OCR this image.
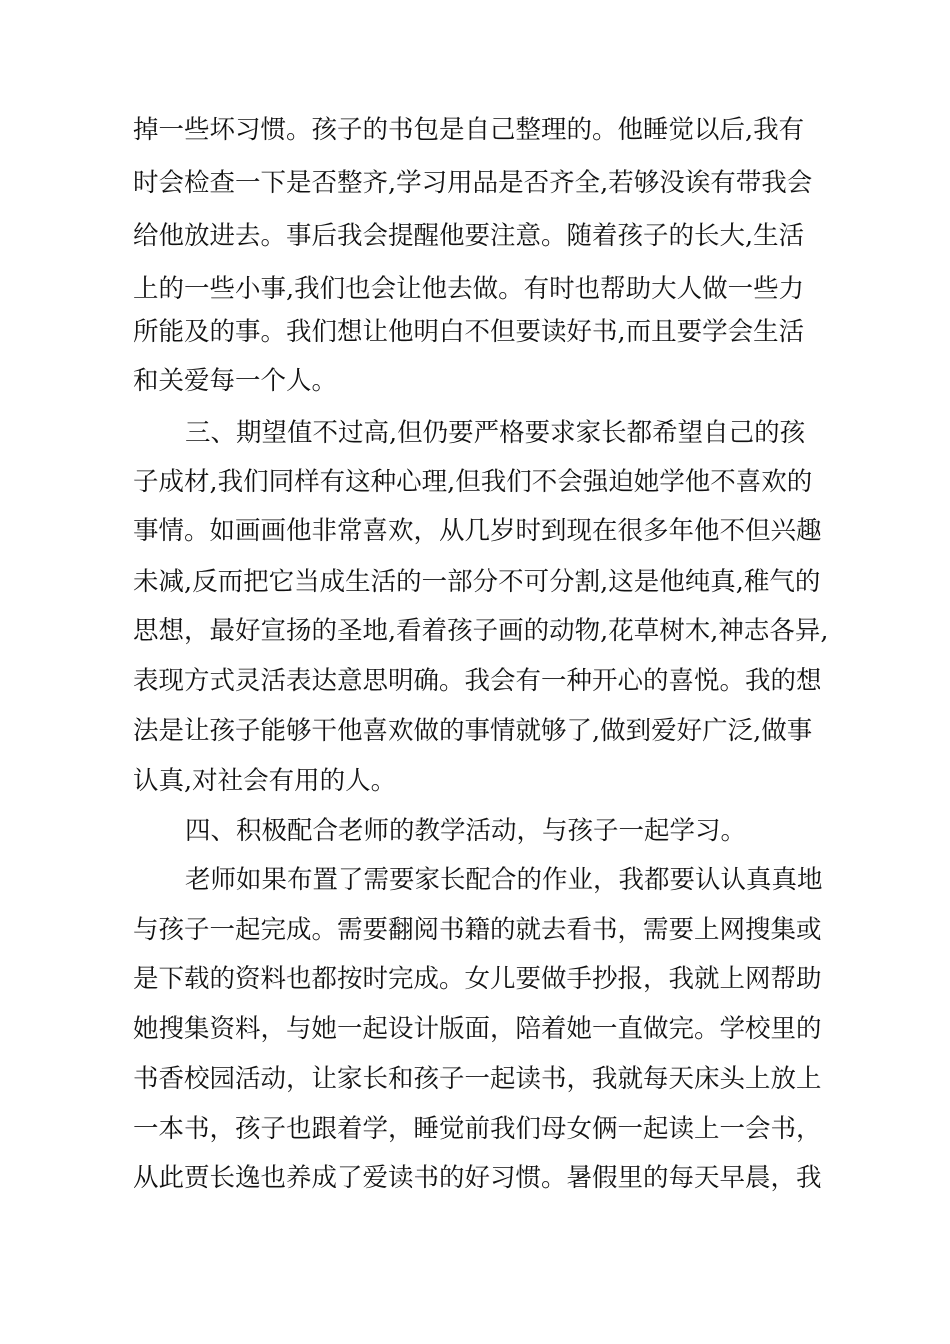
掉一些坏习惯。孩子的书包是自己整理的。他睡觉以后,我有
时会检查一下是否整齐,学习用品是否齐全,若够没诶有带我会
给他放进去。事后我会提醒他要注意。随着孩子的长大,生活
上的一些小事,我们也会让他去做。有时也帮助大人做一些力
所能及的事。我们想让他明白不但要读好书,而且要学会生活
和关爱每一个人。
三、期望值不过高,但仍要严格要求家长都希望自己的孩
子成材,我们同样有这种心理,但我们不会强迫她学他不喜欢的
事情。如画画他非常喜欢，从几岁时到现在很多年他不但兴趣
未减,反而把它当成生活的一部分不可分割,这是他纯真,稚气的
思想，最好宣扬的圣地,看着孩子画的动物,花草树木,神志各异,
表现方式灵活表达意思明确。我会有一种开心的喜悦。我的想
法是让孩子能够干他喜欢做的事情就够了,做到爱好广泛,做事
认真,对社会有用的人。
四、积极配合老师的教学活动，与孩子一起学习。
老师如果布置了需要家长配合的作业，我都要认认真真地
与孩子一起完成。需要翻阅书籍的就去看书，需要上网搜集或
是下载的资料也都按时完成。女儿要做手抄报，我就上网帮助
她搜集资料，与她一起设计版面，陪着她一直做完。学校里的
书香校园活动，让家长和孩子一起读书，我就每天床头上放上
一本书，孩子也跟着学，睡觉前我们母女俩一起读上一会书，
从此贾长逸也养成了爱读书的好习惯。暑假里的每天早晨，我
